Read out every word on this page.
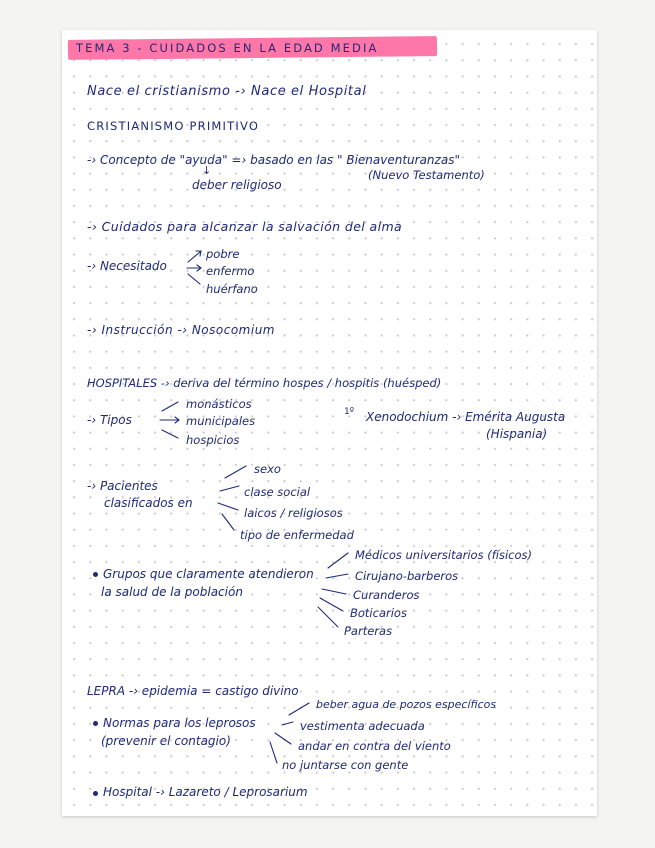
TEMA 3 - CUIDADOS EN LA EDAD MEDIA
Nace el cristianismo -› Nace el Hospital
CRISTIANISMO PRIMITIVO
-› Concepto de "ayuda" =› basado en las " Bienaventuranzas"
↓
deber religioso
(Nuevo Testamento)
-› Cuidados para alcanzar la salvación del alma
-› Necesitado
pobre
enfermo
huérfano
-› Instrucción -› Nosocomium
HOSPITALES -› deriva del término hospes / hospitis (huésped)
-› Tipos
monásticos
municipales
hospicios
1º Xenodochium -› Emérita Augusta
(Hispania)
-› Pacientes
clasificados en
sexo
clase social
laicos / religiosos
tipo de enfermedad
Grupos que claramente atendieron
la salud de la población
Médicos universitarios (físicos)
Cirujano-barberos
Curanderos
Boticarios
Parteras
LEPRA -› epidemia = castigo divino
Normas para los leprosos
(prevenir el contagio)
beber agua de pozos específicos
vestimenta adecuada
andar en contra del viento
no juntarse con gente
Hospital -› Lazareto / Leprosarium
